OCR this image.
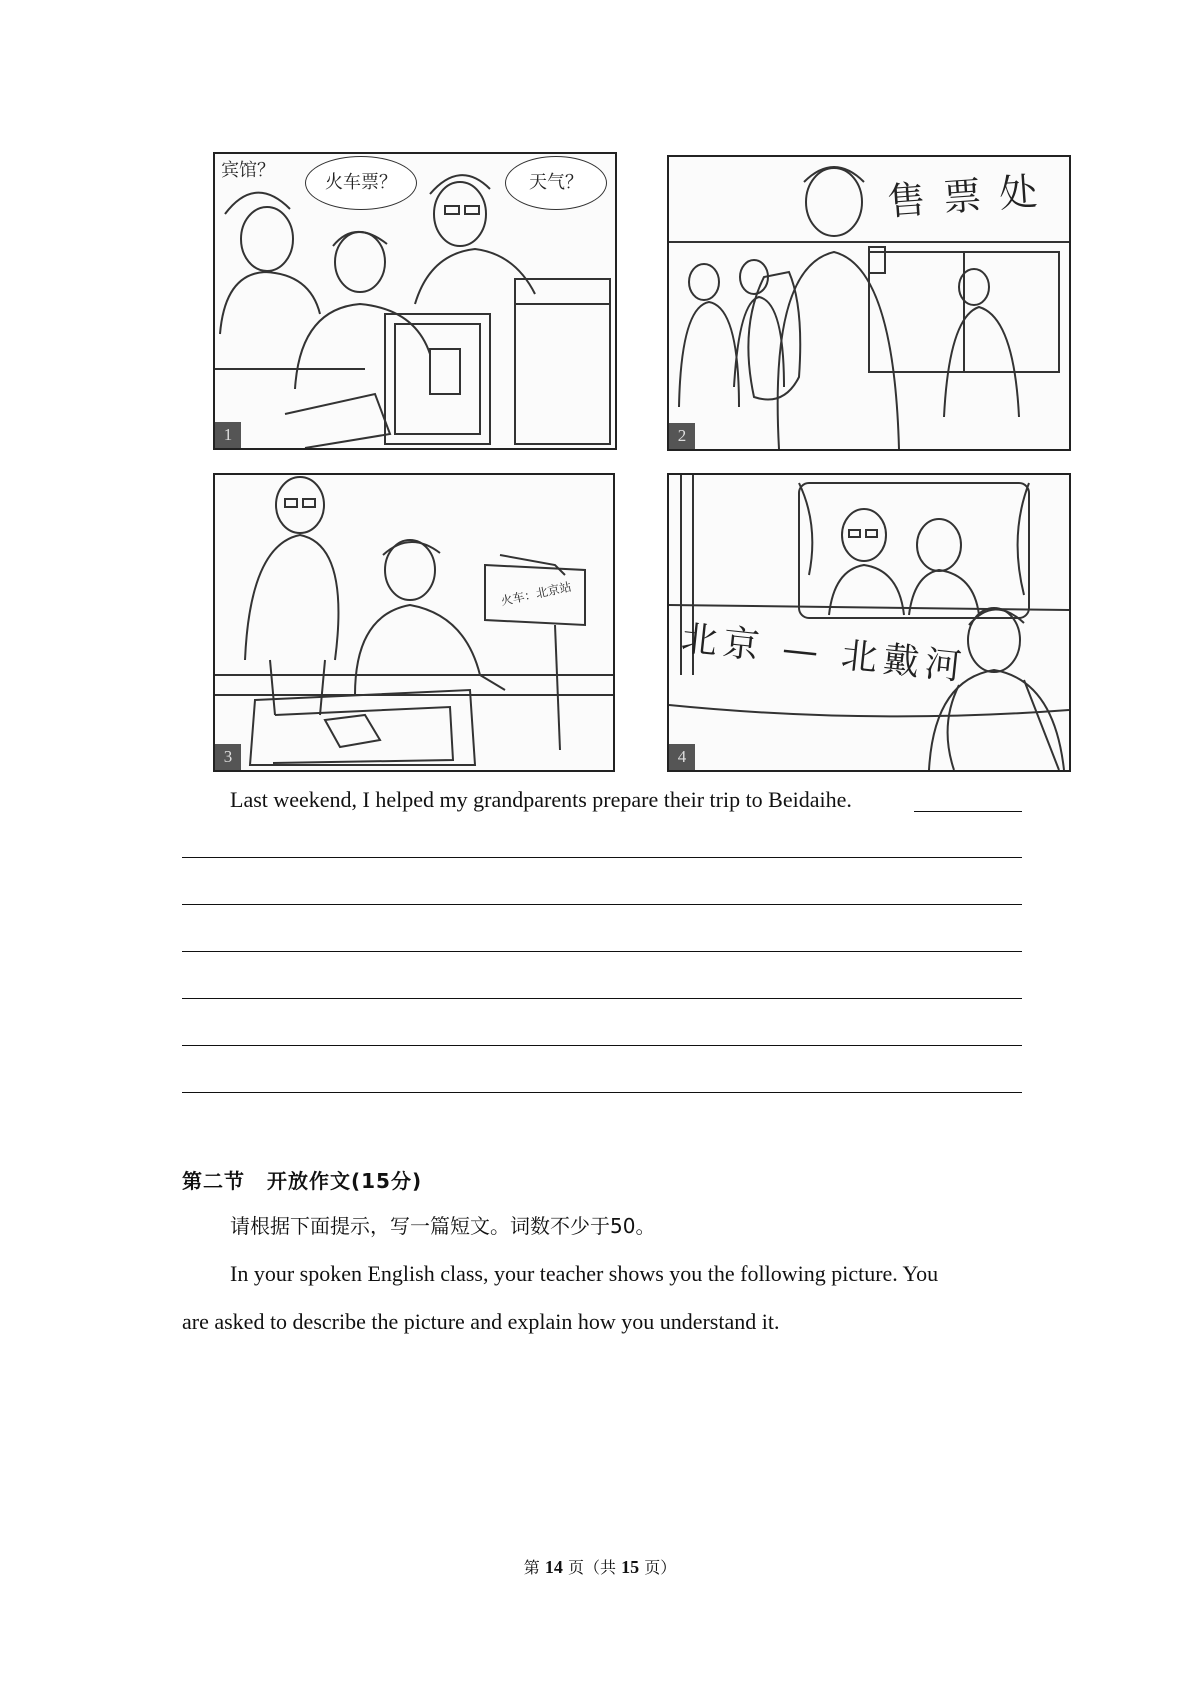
宾馆？
火车票？	天气？
1
售票处
2
火车：北京站
3
北京 — 北戴河
4
Last weekend, I helped my grandparents prepare their trip to Beidaihe.
第二节 开放作文(15分)
请根据下面提示，写一篇短文。词数不少于50。
In your spoken English class, your teacher shows you the following picture. You
are asked to describe the picture and explain how you understand it.
第 14 页（共 15 页）
